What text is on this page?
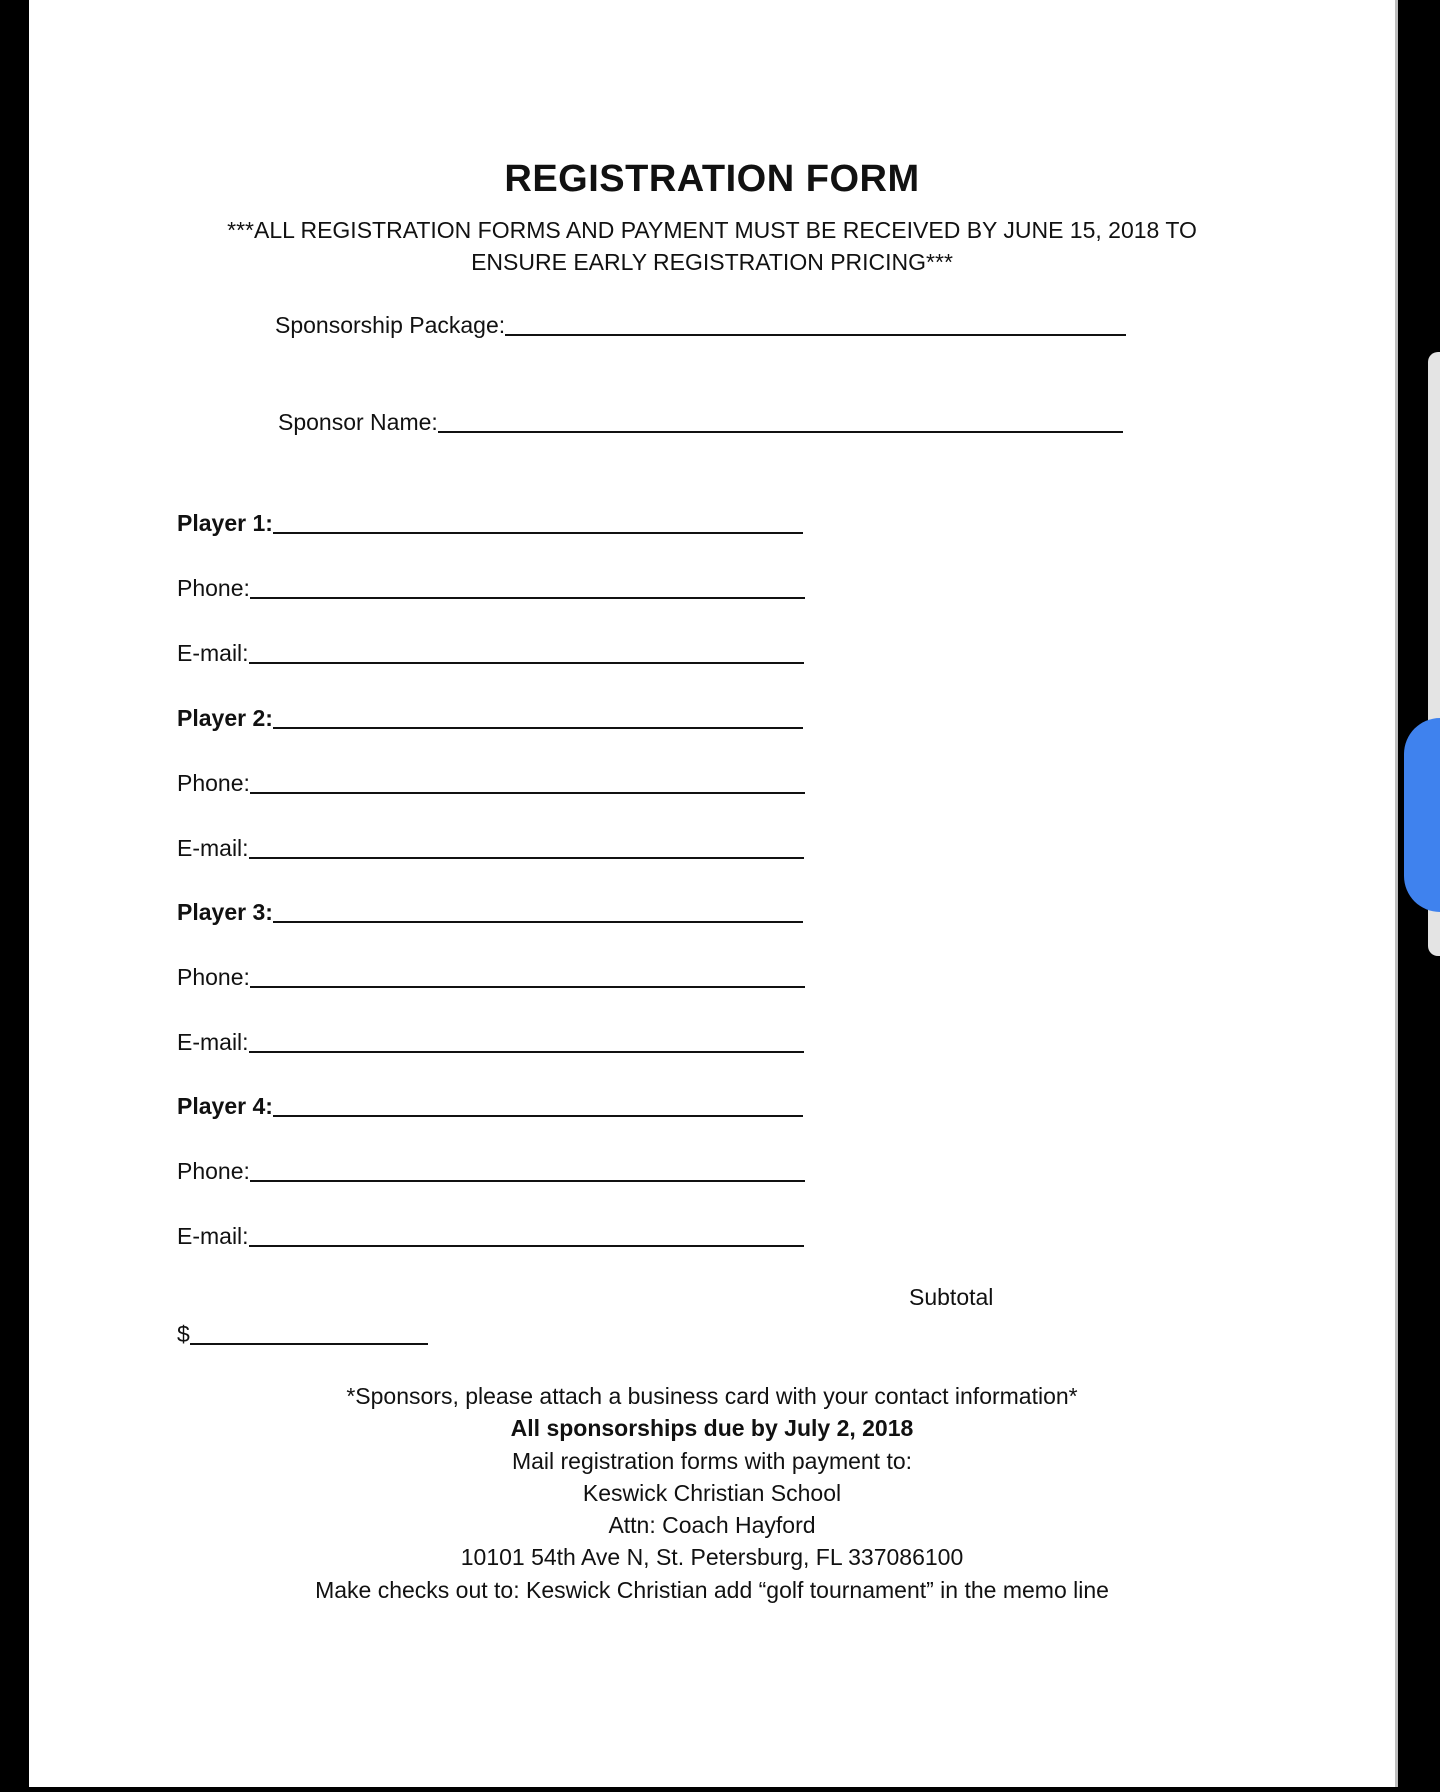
REGISTRATION FORM
***ALL REGISTRATION FORMS AND PAYMENT MUST BE RECEIVED BY JUNE 15, 2018 TO
ENSURE EARLY REGISTRATION PRICING***
Sponsorship Package:
Sponsor Name:
Player 1:
Phone:
E-mail:
Player 2:
Phone:
E-mail:
Player 3:
Phone:
E-mail:
Player 4:
Phone:
E-mail:
Subtotal
$
*Sponsors, please attach a business card with your contact information*
All sponsorships due by July 2, 2018
Mail registration forms with payment to:
Keswick Christian School
Attn: Coach Hayford
10101 54th Ave N, St. Petersburg, FL 337086100
Make checks out to: Keswick Christian add “golf tournament” in the memo line
